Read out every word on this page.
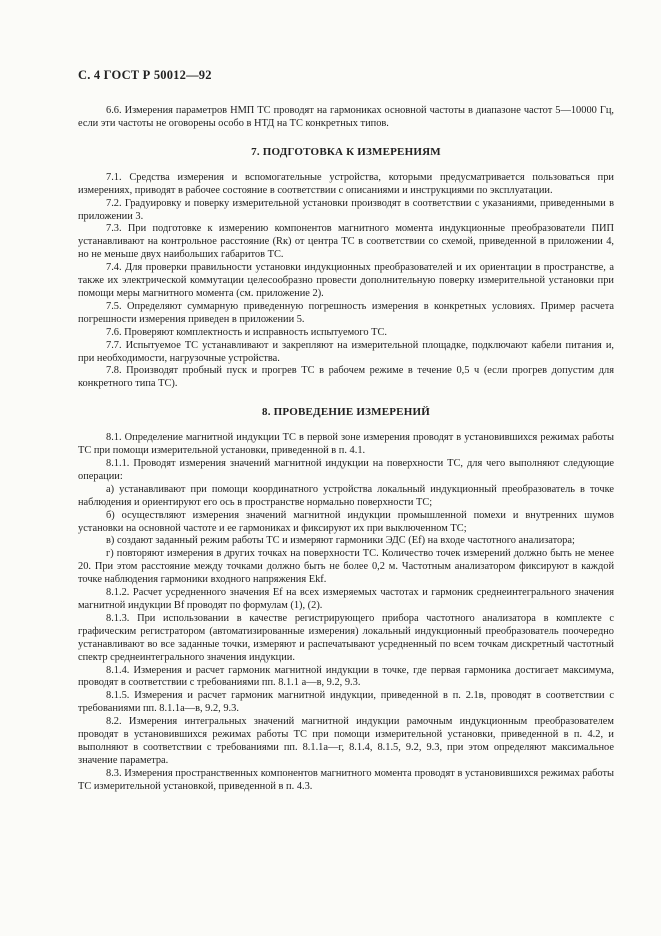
С. 4 ГОСТ Р 50012—92

6.6. Измерения параметров НМП ТС проводят на гармониках основной частоты в диапазоне частот 5—10000 Гц, если эти частоты не оговорены особо в НТД на ТС конкретных типов.

7. ПОДГОТОВКА К ИЗМЕРЕНИЯМ

7.1. Средства измерения и вспомогательные устройства, которыми предусматривается пользоваться при измерениях, приводят в рабочее состояние в соответствии с описаниями и инструкциями по эксплуатации.

7.2. Градуировку и поверку измерительной установки производят в соответствии с указаниями, приведенными в приложении 3.

7.3. При подготовке к измерению компонентов магнитного момента индукционные преобразователи ПИП устанавливают на контрольное расстояние (Rк) от центра ТС в соответствии со схемой, приведенной в приложении 4, но не меньше двух наибольших габаритов ТС.

7.4. Для проверки правильности установки индукционных преобразователей и их ориентации в пространстве, а также их электрической коммутации целесообразно провести дополнительную поверку измерительной установки при помощи меры магнитного момента (см. приложение 2).

7.5. Определяют суммарную приведенную погрешность измерения в конкретных условиях. Пример расчета погрешности измерения приведен в приложении 5.

7.6. Проверяют комплектность и исправность испытуемого ТС.

7.7. Испытуемое ТС устанавливают и закрепляют на измерительной площадке, подключают кабели питания и, при необходимости, нагрузочные устройства.

7.8. Производят пробный пуск и прогрев ТС в рабочем режиме в течение 0,5 ч (если прогрев допустим для конкретного типа ТС).

8. ПРОВЕДЕНИЕ ИЗМЕРЕНИЙ

8.1. Определение магнитной индукции ТС в первой зоне измерения проводят в установившихся режимах работы ТС при помощи измерительной установки, приведенной в п. 4.1.

8.1.1. Проводят измерения значений магнитной индукции на поверхности ТС, для чего выполняют следующие операции:

а) устанавливают при помощи координатного устройства локальный индукционный преобразователь в точке наблюдения и ориентируют его ось в пространстве нормально поверхности ТС;

б) осуществляют измерения значений магнитной индукции промышленной помехи и внутренних шумов установки на основной частоте и ее гармониках и фиксируют их при выключенном ТС;

в) создают заданный режим работы ТС и измеряют гармоники ЭДС (Ef) на входе частотного анализатора;

г) повторяют измерения в других точках на поверхности ТС. Количество точек измерений должно быть не менее 20. При этом расстояние между точками должно быть не более 0,2 м. Частотным анализатором фиксируют в каждой точке наблюдения гармоники входного напряжения Ekf.

8.1.2. Расчет усредненного значения Ef на всех измеряемых частотах и гармоник среднеинтегрального значения магнитной индукции Bf проводят по формулам (1), (2).

8.1.3. При использовании в качестве регистрирующего прибора частотного анализатора в комплекте с графическим регистратором (автоматизированные измерения) локальный индукционный преобразователь поочередно устанавливают во все заданные точки, измеряют и распечатывают усредненный по всем точкам дискретный частотный спектр среднеинтегрального значения индукции.

8.1.4. Измерения и расчет гармоник магнитной индукции в точке, где первая гармоника достигает максимума, проводят в соответствии с требованиями пп. 8.1.1 а—в, 9.2, 9.3.

8.1.5. Измерения и расчет гармоник магнитной индукции, приведенной в п. 2.1в, проводят в соответствии с требованиями пп. 8.1.1а—в, 9.2, 9.3.

8.2. Измерения интегральных значений магнитной индукции рамочным индукционным преобразователем проводят в установившихся режимах работы ТС при помощи измерительной установки, приведенной в п. 4.2, и выполняют в соответствии с требованиями пп. 8.1.1а—г, 8.1.4, 8.1.5, 9.2, 9.3, при этом определяют максимальное значение параметра.

8.3. Измерения пространственных компонентов магнитного момента проводят в установившихся режимах работы ТС измерительной установкой, приведенной в п. 4.3.
